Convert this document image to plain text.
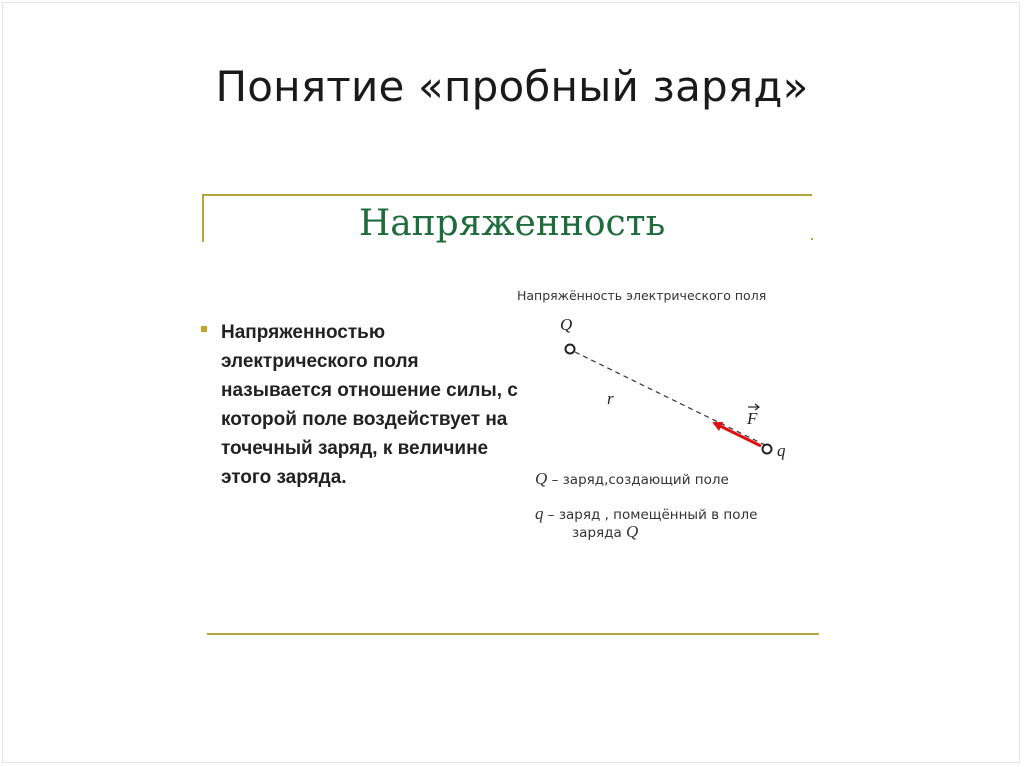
Понятие «пробный заряд»
Напряженность
Напряженностью электрического поля называется отношение силы, с которой поле воздействует на точечный заряд, к величине этого заряда.
Напряжённость электрического поля
Q
r
F
q
Q – заряд,создающий поле
q – заряд , помещённый в поле
заряда Q
